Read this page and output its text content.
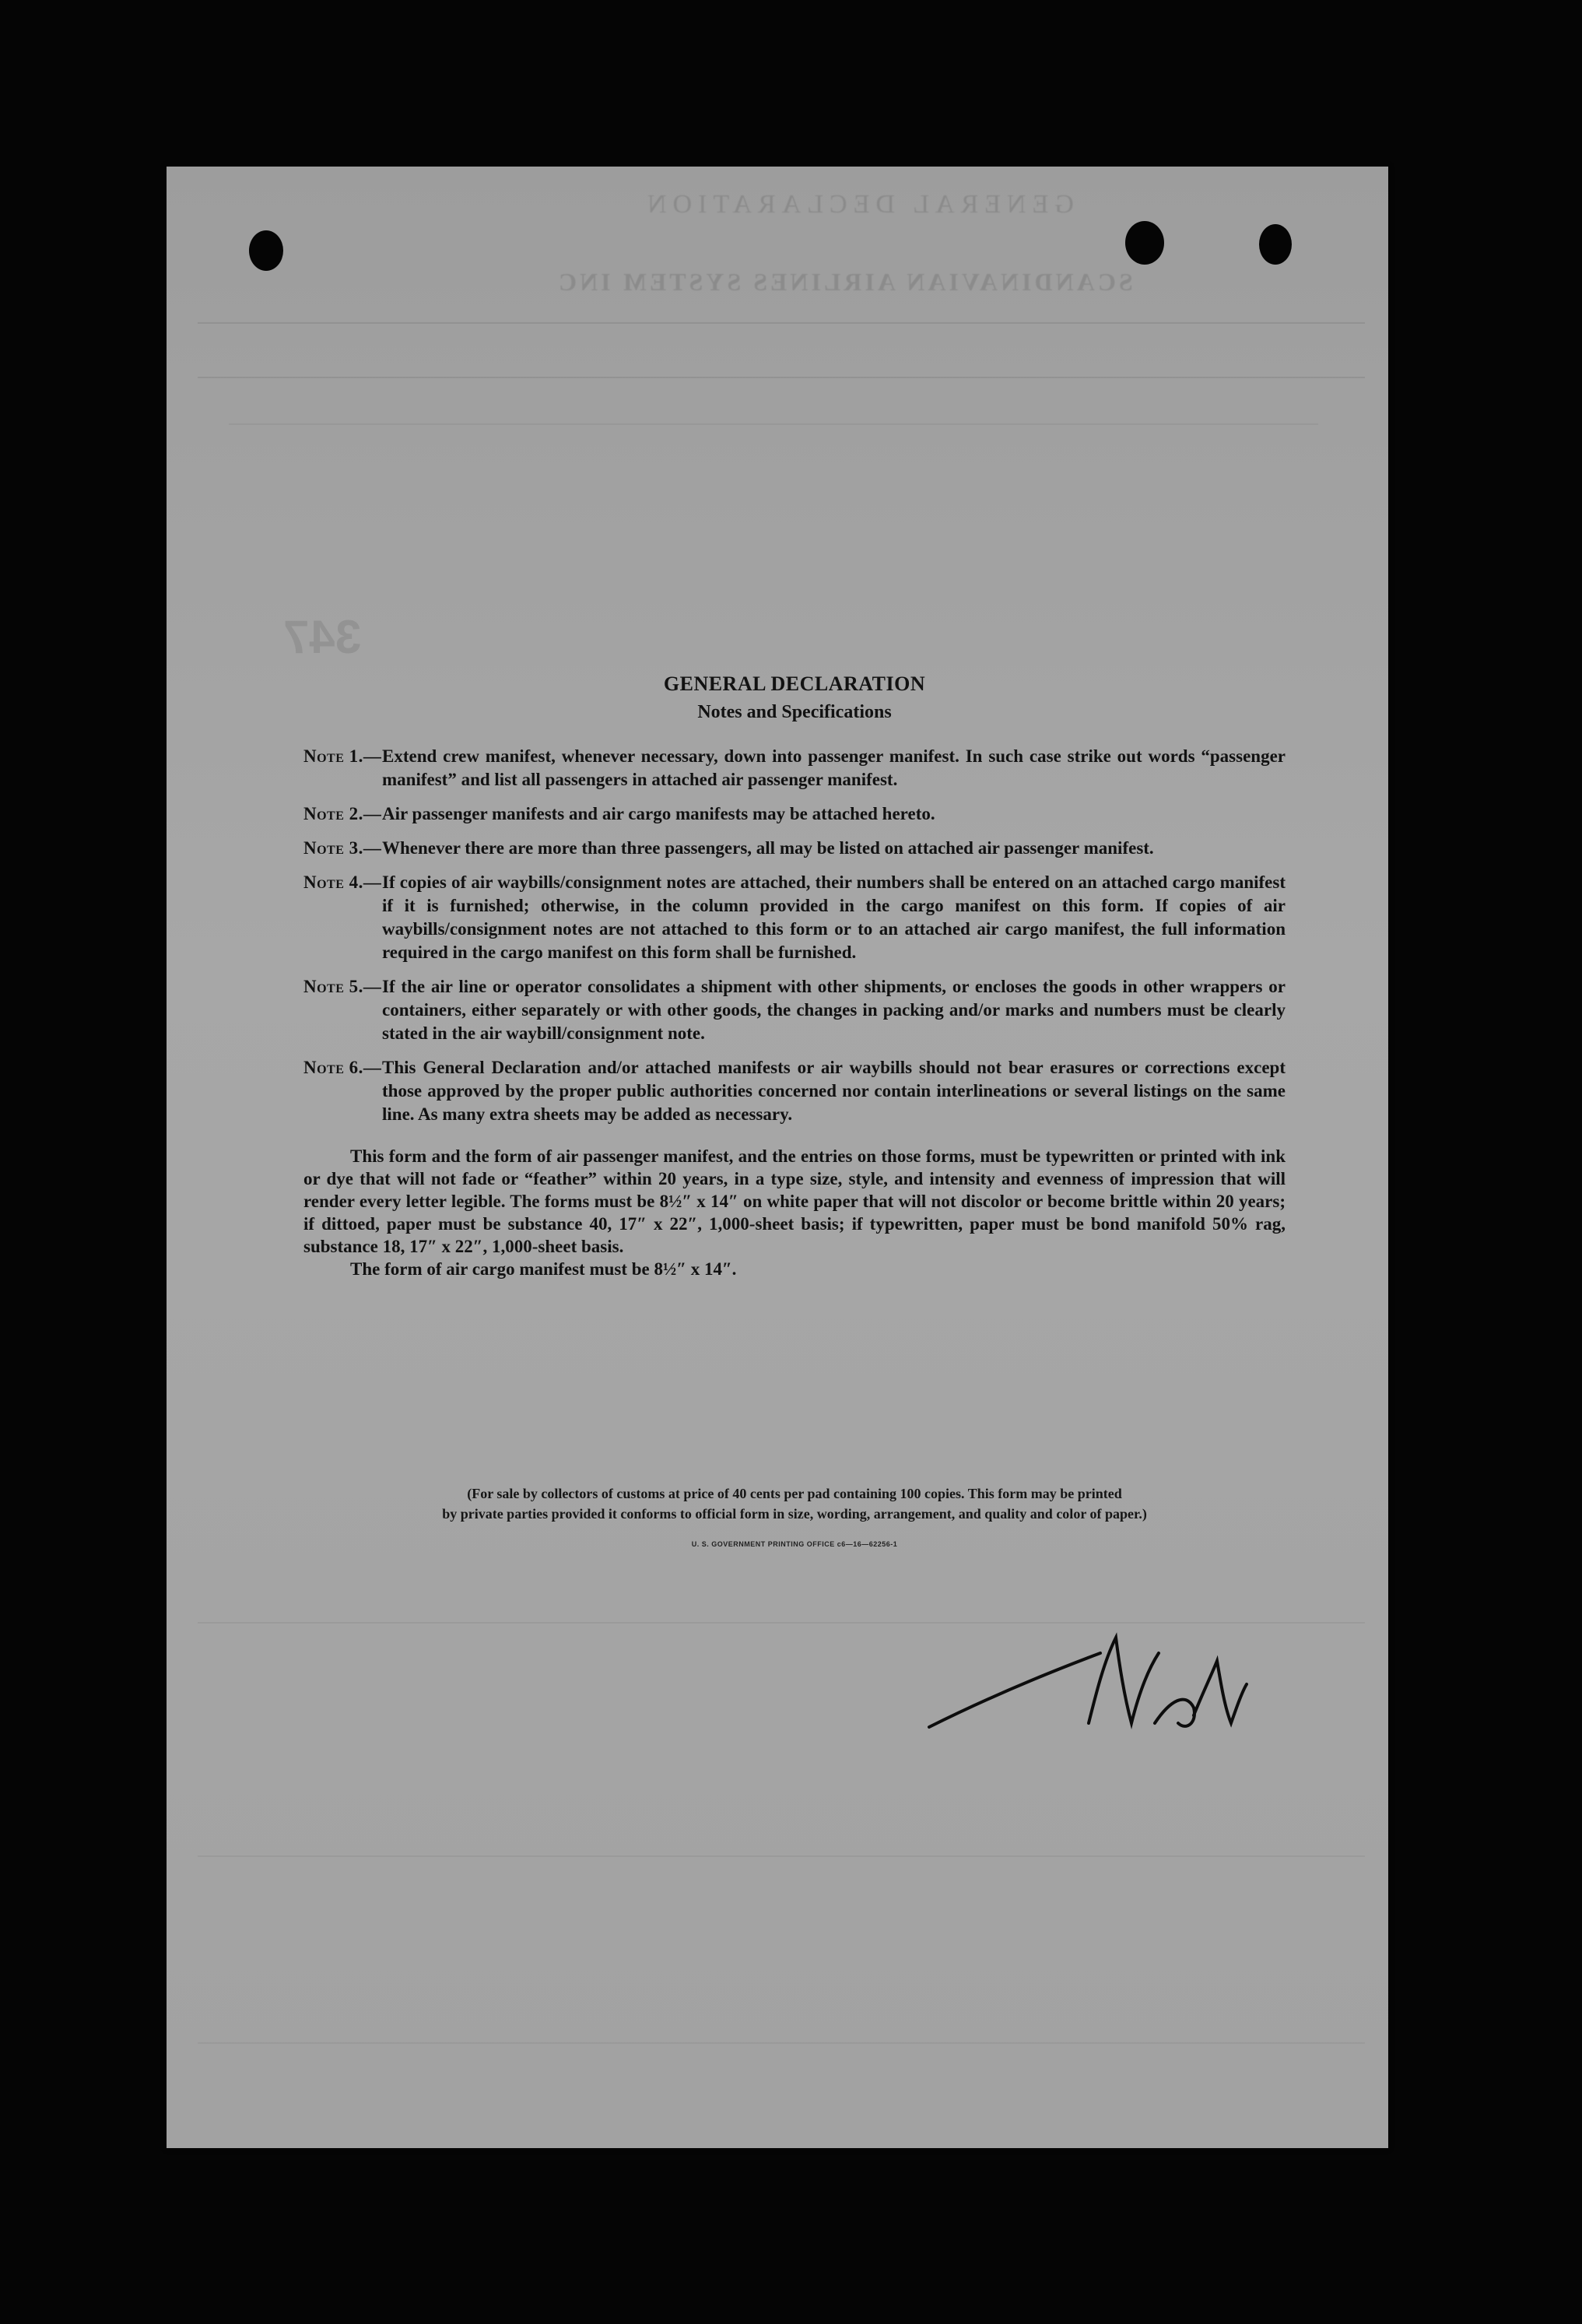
GENERAL DECLARATION
SCANDINAVIAN AIRLINES SYSTEM INC
347
GENERAL DECLARATION
Notes and Specifications
Note 1.— Extend crew manifest, whenever necessary, down into passenger manifest. In such case strike out words “passenger manifest” and list all passengers in attached air passenger manifest.
Note 2.— Air passenger manifests and air cargo manifests may be attached hereto.
Note 3.— Whenever there are more than three passengers, all may be listed on attached air passenger manifest.
Note 4.— If copies of air waybills/consignment notes are attached, their numbers shall be entered on an attached cargo manifest if it is furnished; otherwise, in the column provided in the cargo manifest on this form. If copies of air waybills/consignment notes are not attached to this form or to an attached air cargo manifest, the full information required in the cargo manifest on this form shall be furnished.
Note 5.— If the air line or operator consolidates a shipment with other shipments, or encloses the goods in other wrappers or containers, either separately or with other goods, the changes in packing and/or marks and numbers must be clearly stated in the air waybill/consignment note.
Note 6.— This General Declaration and/or attached manifests or air waybills should not bear erasures or corrections except those approved by the proper public authorities concerned nor contain interlineations or several listings on the same line. As many extra sheets may be added as necessary.
This form and the form of air passenger manifest, and the entries on those forms, must be typewritten or printed with ink or dye that will not fade or “feather” within 20 years, in a type size, style, and intensity and evenness of impression that will render every letter legible. The forms must be 8½″ x 14″ on white paper that will not discolor or become brittle within 20 years; if dittoed, paper must be substance 40, 17″ x 22″, 1,000-sheet basis; if typewritten, paper must be bond manifold 50% rag, substance 18, 17″ x 22″, 1,000-sheet basis.
The form of air cargo manifest must be 8½″ x 14″.
(For sale by collectors of customs at price of 40 cents per pad containing 100 copies. This form may be printed
by private parties provided it conforms to official form in size, wording, arrangement, and quality and color of paper.)
U. S. GOVERNMENT PRINTING OFFICE c6—16—62256-1
